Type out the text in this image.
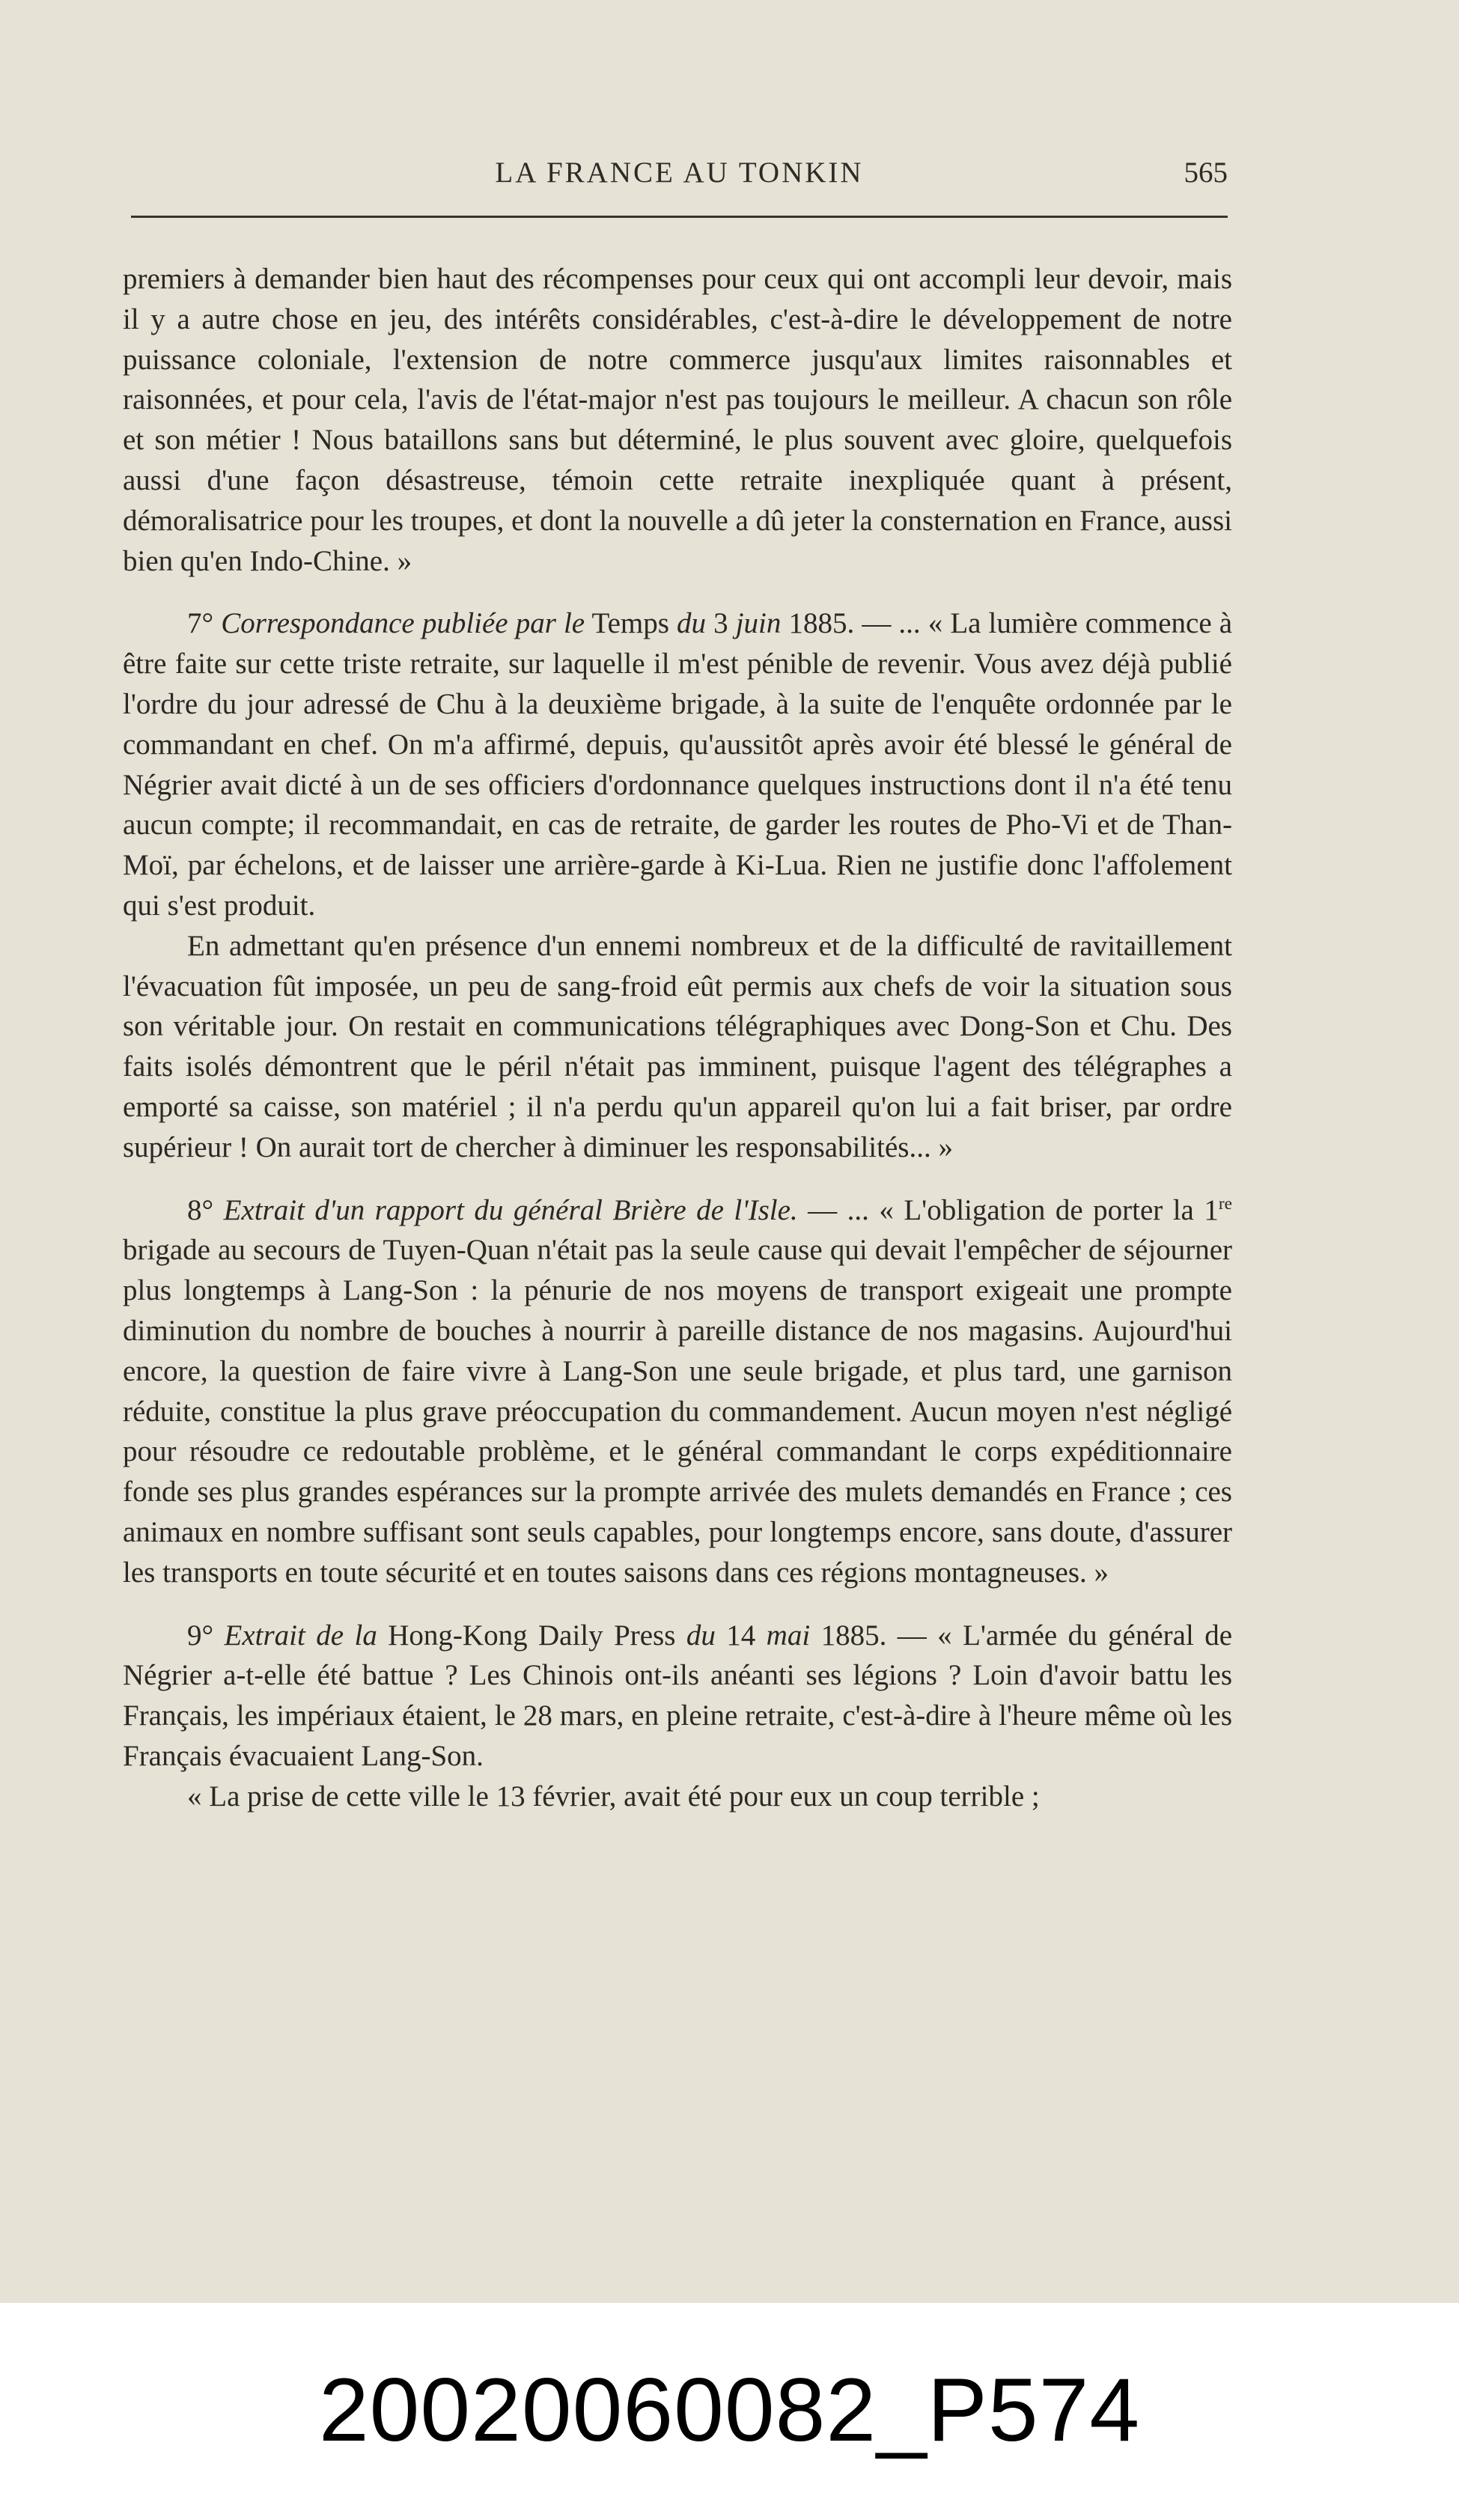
LA FRANCE AU TONKIN	565

premiers à demander bien haut des récompenses pour ceux qui ont accompli leur devoir, mais il y a autre chose en jeu, des intérêts considérables, c'est-à-dire le développement de notre puissance coloniale, l'extension de notre commerce jusqu'aux limites raisonnables et raisonnées, et pour cela, l'avis de l'état-major n'est pas toujours le meilleur. A chacun son rôle et son métier ! Nous bataillons sans but déterminé, le plus souvent avec gloire, quelquefois aussi d'une façon désastreuse, témoin cette retraite inexpliquée quant à présent, démoralisatrice pour les troupes, et dont la nouvelle a dû jeter la consternation en France, aussi bien qu'en Indo-Chine. »

7° Correspondance publiée par le Temps du 3 juin 1885. — ... « La lumière commence à être faite sur cette triste retraite, sur laquelle il m'est pénible de revenir. Vous avez déjà publié l'ordre du jour adressé de Chu à la deuxième brigade, à la suite de l'enquête ordonnée par le commandant en chef. On m'a affirmé, depuis, qu'aussitôt après avoir été blessé le général de Négrier avait dicté à un de ses officiers d'ordonnance quelques instructions dont il n'a été tenu aucun compte; il recommandait, en cas de retraite, de garder les routes de Pho-Vi et de Than-Moï, par échelons, et de laisser une arrière-garde à Ki-Lua. Rien ne justifie donc l'affolement qui s'est produit.

En admettant qu'en présence d'un ennemi nombreux et de la difficulté de ravitaillement l'évacuation fût imposée, un peu de sang-froid eût permis aux chefs de voir la situation sous son véritable jour. On restait en communications télégraphiques avec Dong-Son et Chu. Des faits isolés démontrent que le péril n'était pas imminent, puisque l'agent des télégraphes a emporté sa caisse, son matériel ; il n'a perdu qu'un appareil qu'on lui a fait briser, par ordre supérieur ! On aurait tort de chercher à diminuer les responsabilités... »

8° Extrait d'un rapport du général Brière de l'Isle. — ... « L'obligation de porter la 1re brigade au secours de Tuyen-Quan n'était pas la seule cause qui devait l'empêcher de séjourner plus longtemps à Lang-Son : la pénurie de nos moyens de transport exigeait une prompte diminution du nombre de bouches à nourrir à pareille distance de nos magasins. Aujourd'hui encore, la question de faire vivre à Lang-Son une seule brigade, et plus tard, une garnison réduite, constitue la plus grave préoccupation du commandement. Aucun moyen n'est négligé pour résoudre ce redoutable problème, et le général commandant le corps expéditionnaire fonde ses plus grandes espérances sur la prompte arrivée des mulets demandés en France ; ces animaux en nombre suffisant sont seuls capables, pour longtemps encore, sans doute, d'assurer les transports en toute sécurité et en toutes saisons dans ces régions montagneuses. »

9° Extrait de la Hong-Kong Daily Press du 14 mai 1885. — « L'armée du général de Négrier a-t-elle été battue ? Les Chinois ont-ils anéanti ses légions ? Loin d'avoir battu les Français, les impériaux étaient, le 28 mars, en pleine retraite, c'est-à-dire à l'heure même où les Français évacuaient Lang-Son.

« La prise de cette ville le 13 février, avait été pour eux un coup terrible ;

20020060082_P574
